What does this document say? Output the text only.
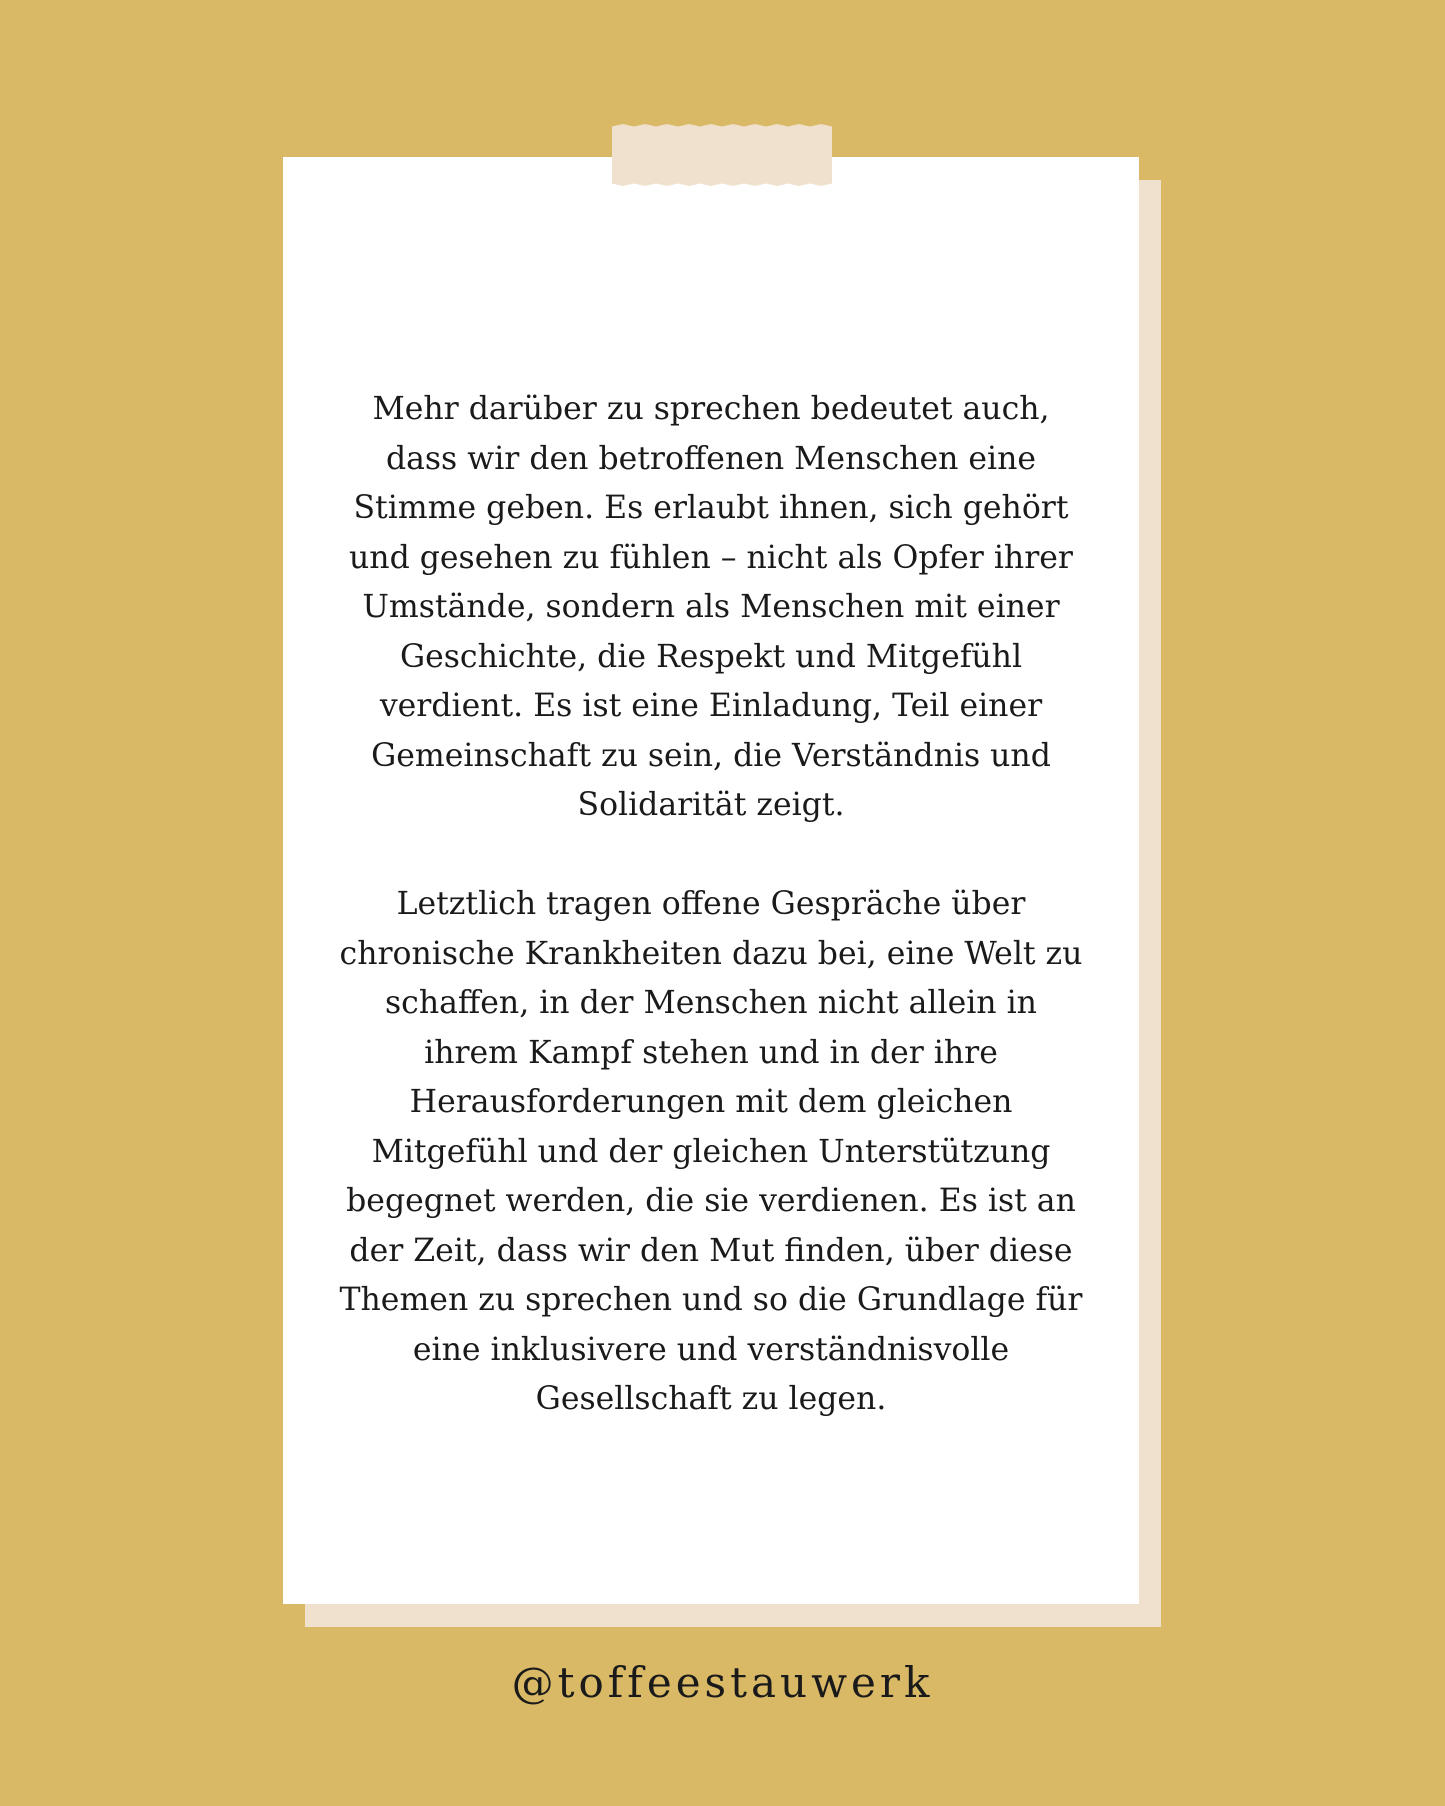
Mehr darüber zu sprechen bedeutet auch,
dass wir den betroffenen Menschen eine
Stimme geben. Es erlaubt ihnen, sich gehört
und gesehen zu fühlen – nicht als Opfer ihrer
Umstände, sondern als Menschen mit einer
Geschichte, die Respekt und Mitgefühl
verdient. Es ist eine Einladung, Teil einer
Gemeinschaft zu sein, die Verständnis und
Solidarität zeigt.

Letztlich tragen offene Gespräche über
chronische Krankheiten dazu bei, eine Welt zu
schaffen, in der Menschen nicht allein in
ihrem Kampf stehen und in der ihre
Herausforderungen mit dem gleichen
Mitgefühl und der gleichen Unterstützung
begegnet werden, die sie verdienen. Es ist an
der Zeit, dass wir den Mut finden, über diese
Themen zu sprechen und so die Grundlage für
eine inklusivere und verständnisvolle
Gesellschaft zu legen.

@toffeestauwerk
